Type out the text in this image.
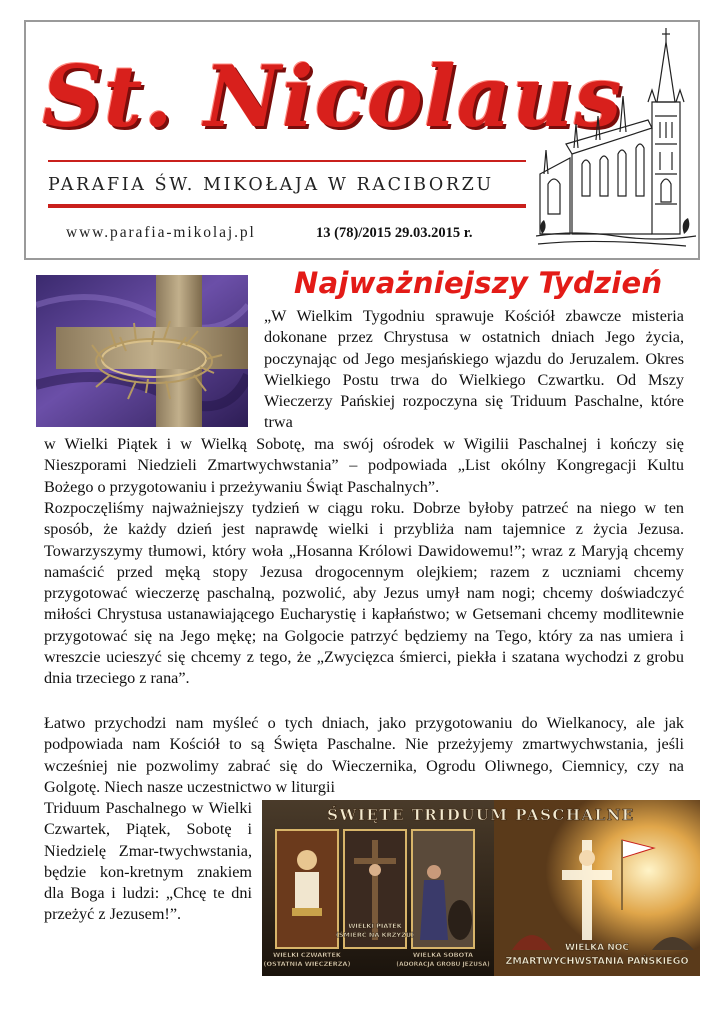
St. Nicolaus
PARAFIA ŚW. MIKOŁAJA W RACIBORZU
www.parafia-mikolaj.pl	13 (78)/2015 29.03.2015 r.
Najważniejszy Tydzień
„W Wielkim Tygodniu sprawuje Kościół zbawcze misteria dokonane przez Chrystusa w ostatnich dniach Jego życia, poczynając od Jego mesjańskiego wjazdu do Jeruzalem. Okres Wielkiego Postu trwa do Wielkiego Czwartku. Od Mszy Wieczerzy Pańskiej rozpoczyna się Triduum Paschalne, które trwa
w Wielki Piątek i w Wielką Sobotę, ma swój ośrodek w Wigilii Paschalnej i kończy się Nieszporami Niedzieli Zmartwychwstania” – podpowiada „List okólny Kongregacji Kultu Bożego o przygotowaniu i przeżywaniu Świąt Paschalnych”.
Rozpoczęliśmy najważniejszy tydzień w ciągu roku. Dobrze byłoby patrzeć na niego w ten sposób, że każdy dzień jest naprawdę wielki i przybliża nam tajemnice z życia Jezusa. Towarzyszymy tłumowi, który woła „Hosanna Królowi Dawidowemu!”; wraz z Maryją chcemy namaścić przed męką stopy Jezusa drogocennym olejkiem; razem z uczniami chcemy przygotować wieczerzę paschalną, pozwolić, aby Jezus umył nam nogi; chcemy doświadczyć miłości Chrystusa ustanawiającego Eucharystię i kapłaństwo; w Getsemani chcemy modlitewnie przygotować się na Jego mękę; na Golgocie patrzyć będziemy na Tego, który za nas umiera i wreszcie ucieszyć się chcemy z tego, że „Zwycięzca śmierci, piekła i szatana wychodzi z grobu dnia trzeciego z rana”.
Łatwo przychodzi nam myśleć o tych dniach, jako przygotowaniu do Wielkanocy, ale jak podpowiada nam Kościół to są Święta Paschalne. Nie przeżyjemy zmartwychwstania, jeśli wcześniej nie pozwolimy zabrać się do Wieczernika, Ogrodu Oliwnego, Ciemnicy, czy na Golgotę. Niech nasze uczestnictwo w liturgii
Triduum Paschalnego w Wielki Czwartek, Piątek, Sobotę i Niedzielę Zmar-twychwstania, będzie kon-kretnym znakiem dla Boga i ludzi: „Chcę te dni przeżyć z Jezusem!”.
ŚWIĘTE TRIDUUM PASCHALNE
WIELKI CZWARTEK
(OSTATNIA WIECZERZA)
WIELKI PIĄTEK
(ŚMIERĆ NA KRZYŻU)
WIELKA SOBOTA
(ADORACJA GROBU JEZUSA)
WIELKA NOC
ZMARTWYCHWSTANIA PAŃSKIEGO
